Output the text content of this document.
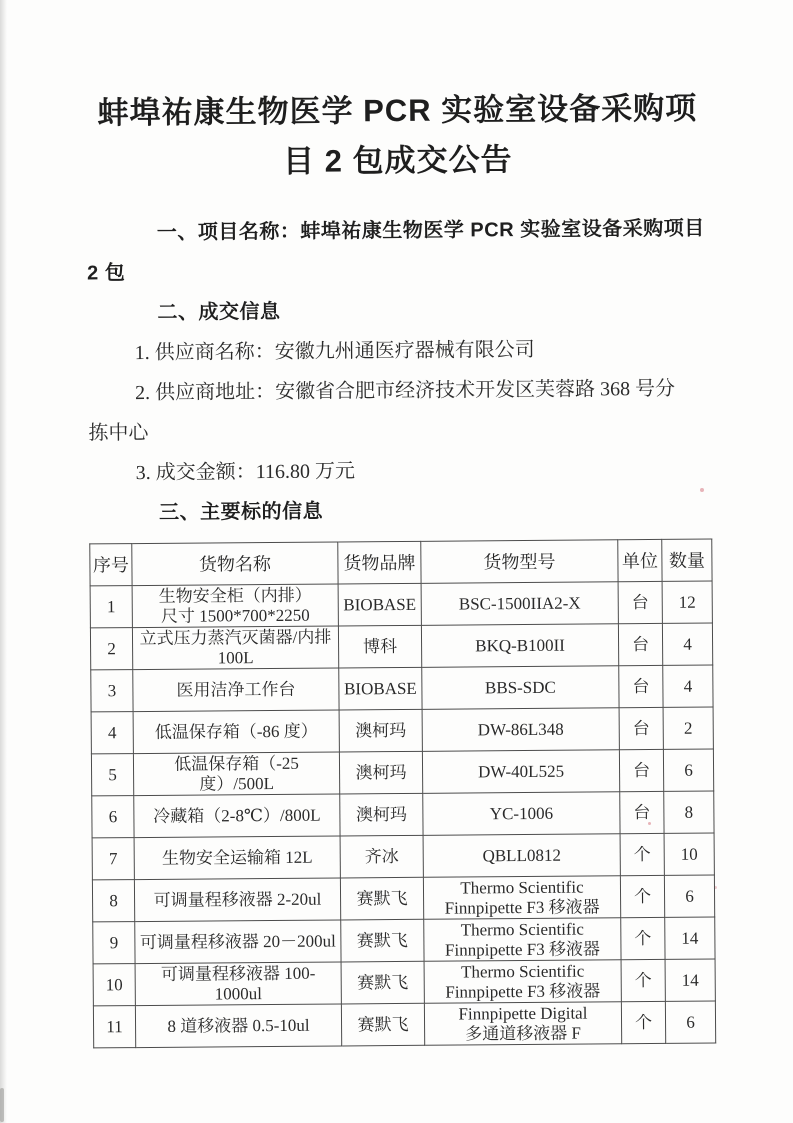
蚌埠祐康生物医学 PCR 实验室设备采购项
目 2 包成交公告

一、项目名称：蚌埠祐康生物医学 PCR 实验室设备采购项目 2 包

二、成交信息

1. 供应商名称：安徽九州通医疗器械有限公司

2. 供应商地址：安徽省合肥市经济技术开发区芙蓉路 368 号分

拣中心

3. 成交金额：116.80 万元

三、主要标的信息

序号	货物名称	货物品牌	货物型号	单位	数量
1	生物安全柜（内排）
尺寸 1500*700*2250	BIOBASE	BSC-1500IIA2-X	台	12
2	立式压力蒸汽灭菌器/内排
100L	博科	BKQ-B100II	台	4
3	医用洁净工作台	BIOBASE	BBS-SDC	台	4
4	低温保存箱（-86 度）	澳柯玛	DW-86L348	台	2
5	低温保存箱（-25 度）/500L	澳柯玛	DW-40L525	台	6
6	冷藏箱（2-8℃）/800L	澳柯玛	YC-1006	台	8
7	生物安全运输箱 12L	齐冰	QBLL0812	个	10
8	可调量程移液器 2-20ul	赛默飞	Thermo Scientific
Finnpipette F3 移液器	个	6
9	可调量程移液器 20－200ul	赛默飞	Thermo Scientific
Finnpipette F3 移液器	个	14
10	可调量程移液器 100-1000ul	赛默飞	Thermo Scientific
Finnpipette F3 移液器	个	14
11	8 道移液器 0.5-10ul	赛默飞	Finnpipette Digital
多通道移液器 F	个	6
